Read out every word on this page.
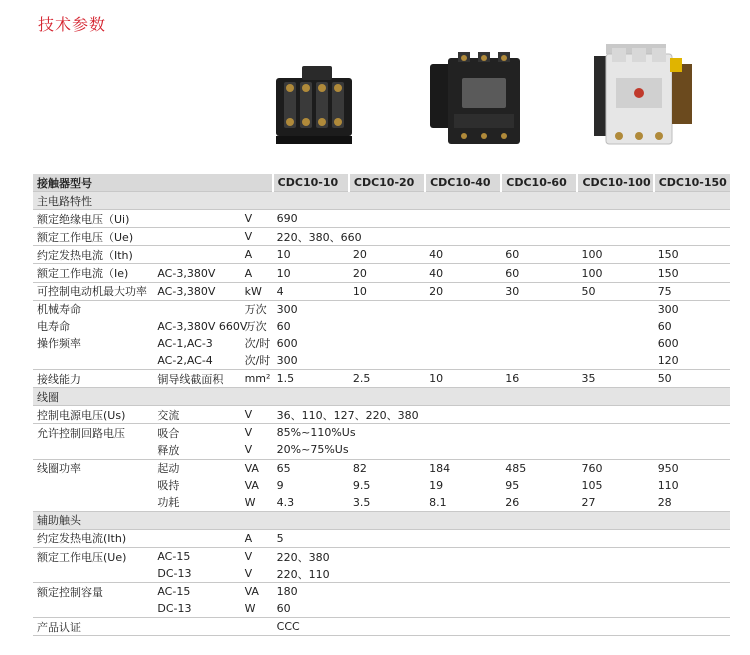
技术参数
接触器型号			CDC10-10	CDC10-20	CDC10-40	CDC10-60	CDC10-100	CDC10-150
主电路特性								
额定绝缘电压（Ui)		V	690					
额定工作电压（Ue)		V	220、380、660					
约定发热电流（Ith)		A	10	20	40	60	100	150
额定工作电流（Ie)	AC-3,380V	A	10	20	40	60	100	150
可控制电动机最大功率	AC-3,380V	kW	4	10	20	30	50	75
机械寿命		万次	300					300
电寿命	AC-3,380V 660V	万次	60					60
操作频率	AC-1,AC-3	次/时	600					600
	AC-2,AC-4	次/时	300					120
接线能力	铜导线截面积	mm²	1.5	2.5	10	16	35	50
线圈								
控制电源电压(Us)	交流	V	36、110、127、220、380					
允许控制回路电压	吸合	V	85%~110%Us					
	释放	V	20%~75%Us					
线圈功率	起动	VA	65	82	184	485	760	950
	吸持	VA	9	9.5	19	95	105	110
	功耗	W	4.3	3.5	8.1	26	27	28
辅助触头								
约定发热电流(Ith)		A	5					
额定工作电压(Ue)	AC-15	V	220、380					
	DC-13	V	220、110					
额定控制容量	AC-15	VA	180					
	DC-13	W	60					
产品认证			CCC					
